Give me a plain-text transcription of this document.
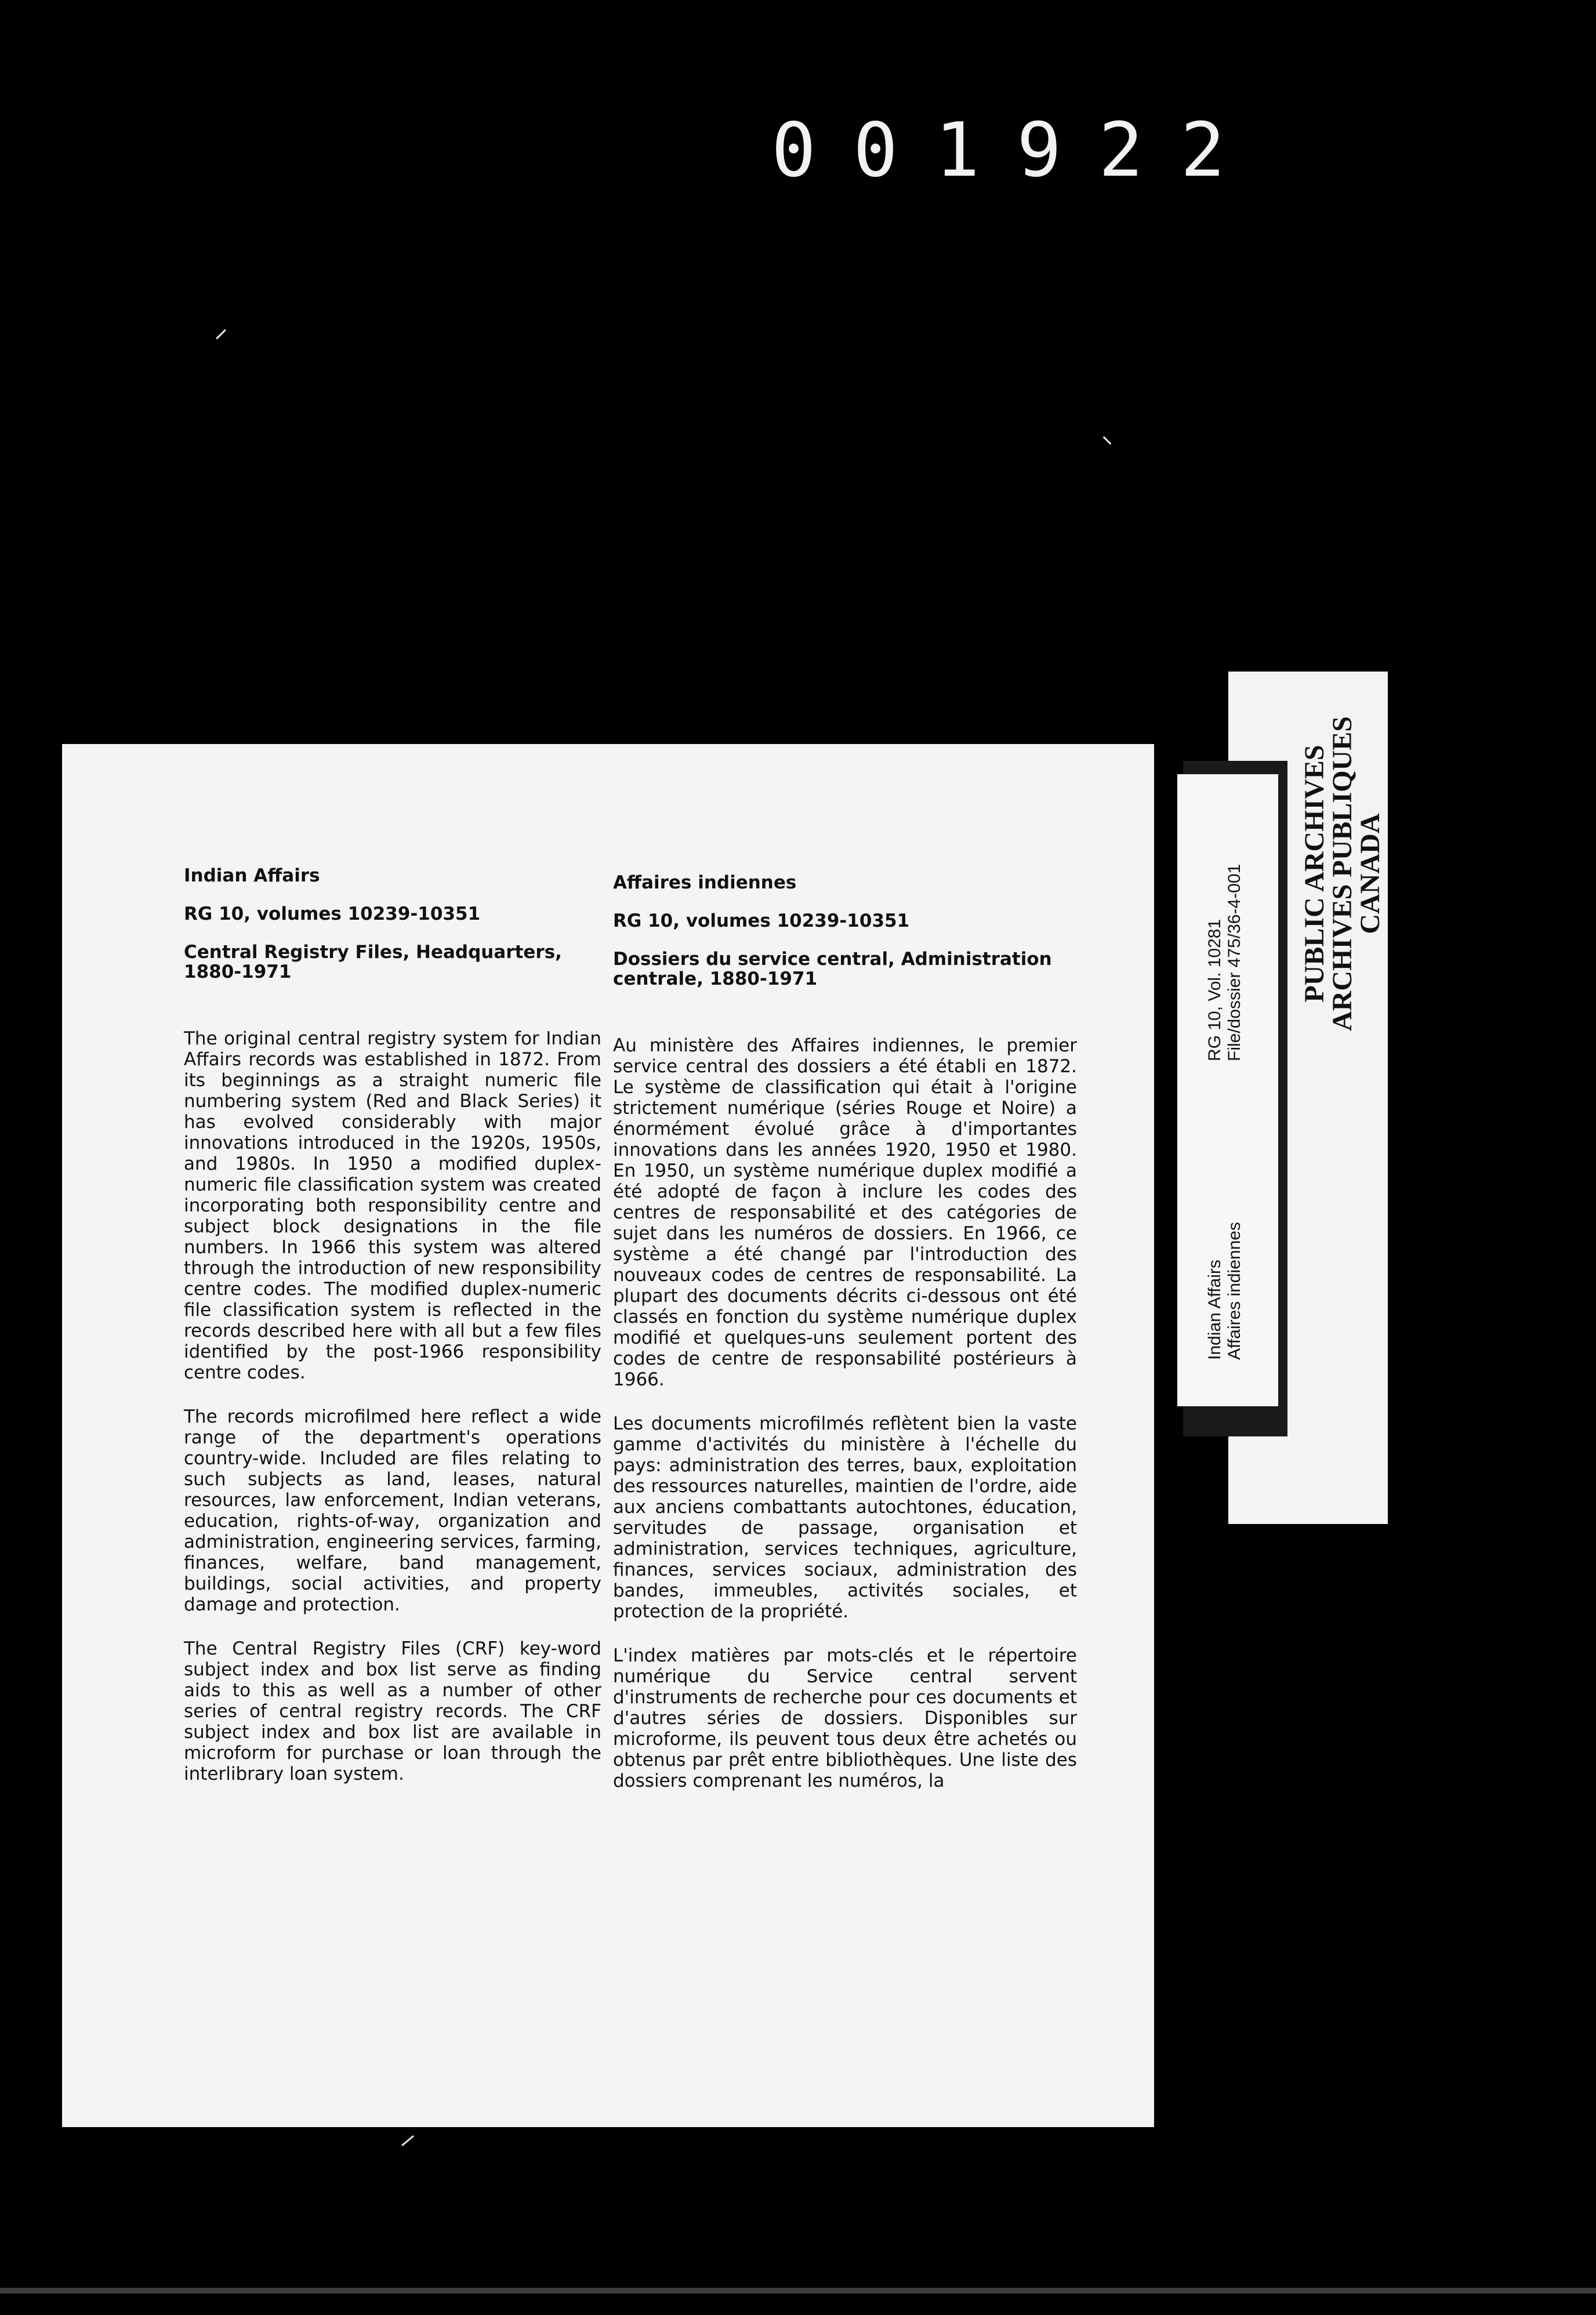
001922
Indian Affairs
RG 10, volumes 10239-10351
Central Registry Files, Headquarters, 1880-1971

The original central registry system for Indian Affairs records was established in 1872. From its beginnings as a straight numeric file numbering system (Red and Black Series) it has evolved considerably with major innovations introduced in the 1920s, 1950s, and 1980s. In 1950 a modified duplex-numeric file classification system was created incorporating both responsibility centre and subject block designations in the file numbers. In 1966 this system was altered through the introduction of new responsibility centre codes. The modified duplex-numeric file classification system is reflected in the records described here with all but a few files identified by the post-1966 responsibility centre codes.

The records microfilmed here reflect a wide range of the department's operations country-wide. Included are files relating to such subjects as land, leases, natural resources, law enforcement, Indian veterans, education, rights-of-way, organization and administration, engineering services, farming, finances, welfare, band management, buildings, social activities, and property damage and protection.

The Central Registry Files (CRF) key-word subject index and box list serve as finding aids to this as well as a number of other series of central registry records. The CRF subject index and box list are available in microform for purchase or loan through the interlibrary loan system.

Affaires indiennes
RG 10, volumes 10239-10351
Dossiers du service central, Administration centrale, 1880-1971

Au ministère des Affaires indiennes, le premier service central des dossiers a été établi en 1872. Le système de classification qui était à l'origine strictement numérique (séries Rouge et Noire) a énormément évolué grâce à d'importantes innovations dans les années 1920, 1950 et 1980. En 1950, un système numérique duplex modifié a été adopté de façon à inclure les codes des centres de responsabilité et des catégories de sujet dans les numéros de dossiers. En 1966, ce système a été changé par l'introduction des nouveaux codes de centres de responsabilité. La plupart des documents décrits ci-dessous ont été classés en fonction du système numérique duplex modifié et quelques-uns seulement portent des codes de centre de responsabilité postérieurs à 1966.

Les documents microfilmés reflètent bien la vaste gamme d'activités du ministère à l'échelle du pays: administration des terres, baux, exploitation des ressources naturelles, maintien de l'ordre, aide aux anciens combattants autochtones, éducation, servitudes de passage, organisation et administration, services techniques, agriculture, finances, services sociaux, administration des bandes, immeubles, activités sociales, et protection de la propriété.

L'index matières par mots-clés et le répertoire numérique du Service central servent d'instruments de recherche pour ces documents et d'autres séries de dossiers. Disponibles sur microforme, ils peuvent tous deux être achetés ou obtenus par prêt entre bibliothèques. Une liste des dossiers comprenant les numéros, la

PUBLIC ARCHIVES
ARCHIVES PUBLIQUES
CANADA
RG 10, Vol. 10281 File/dossier 475/36-4-001
Indian Affairs Affaires indiennes
